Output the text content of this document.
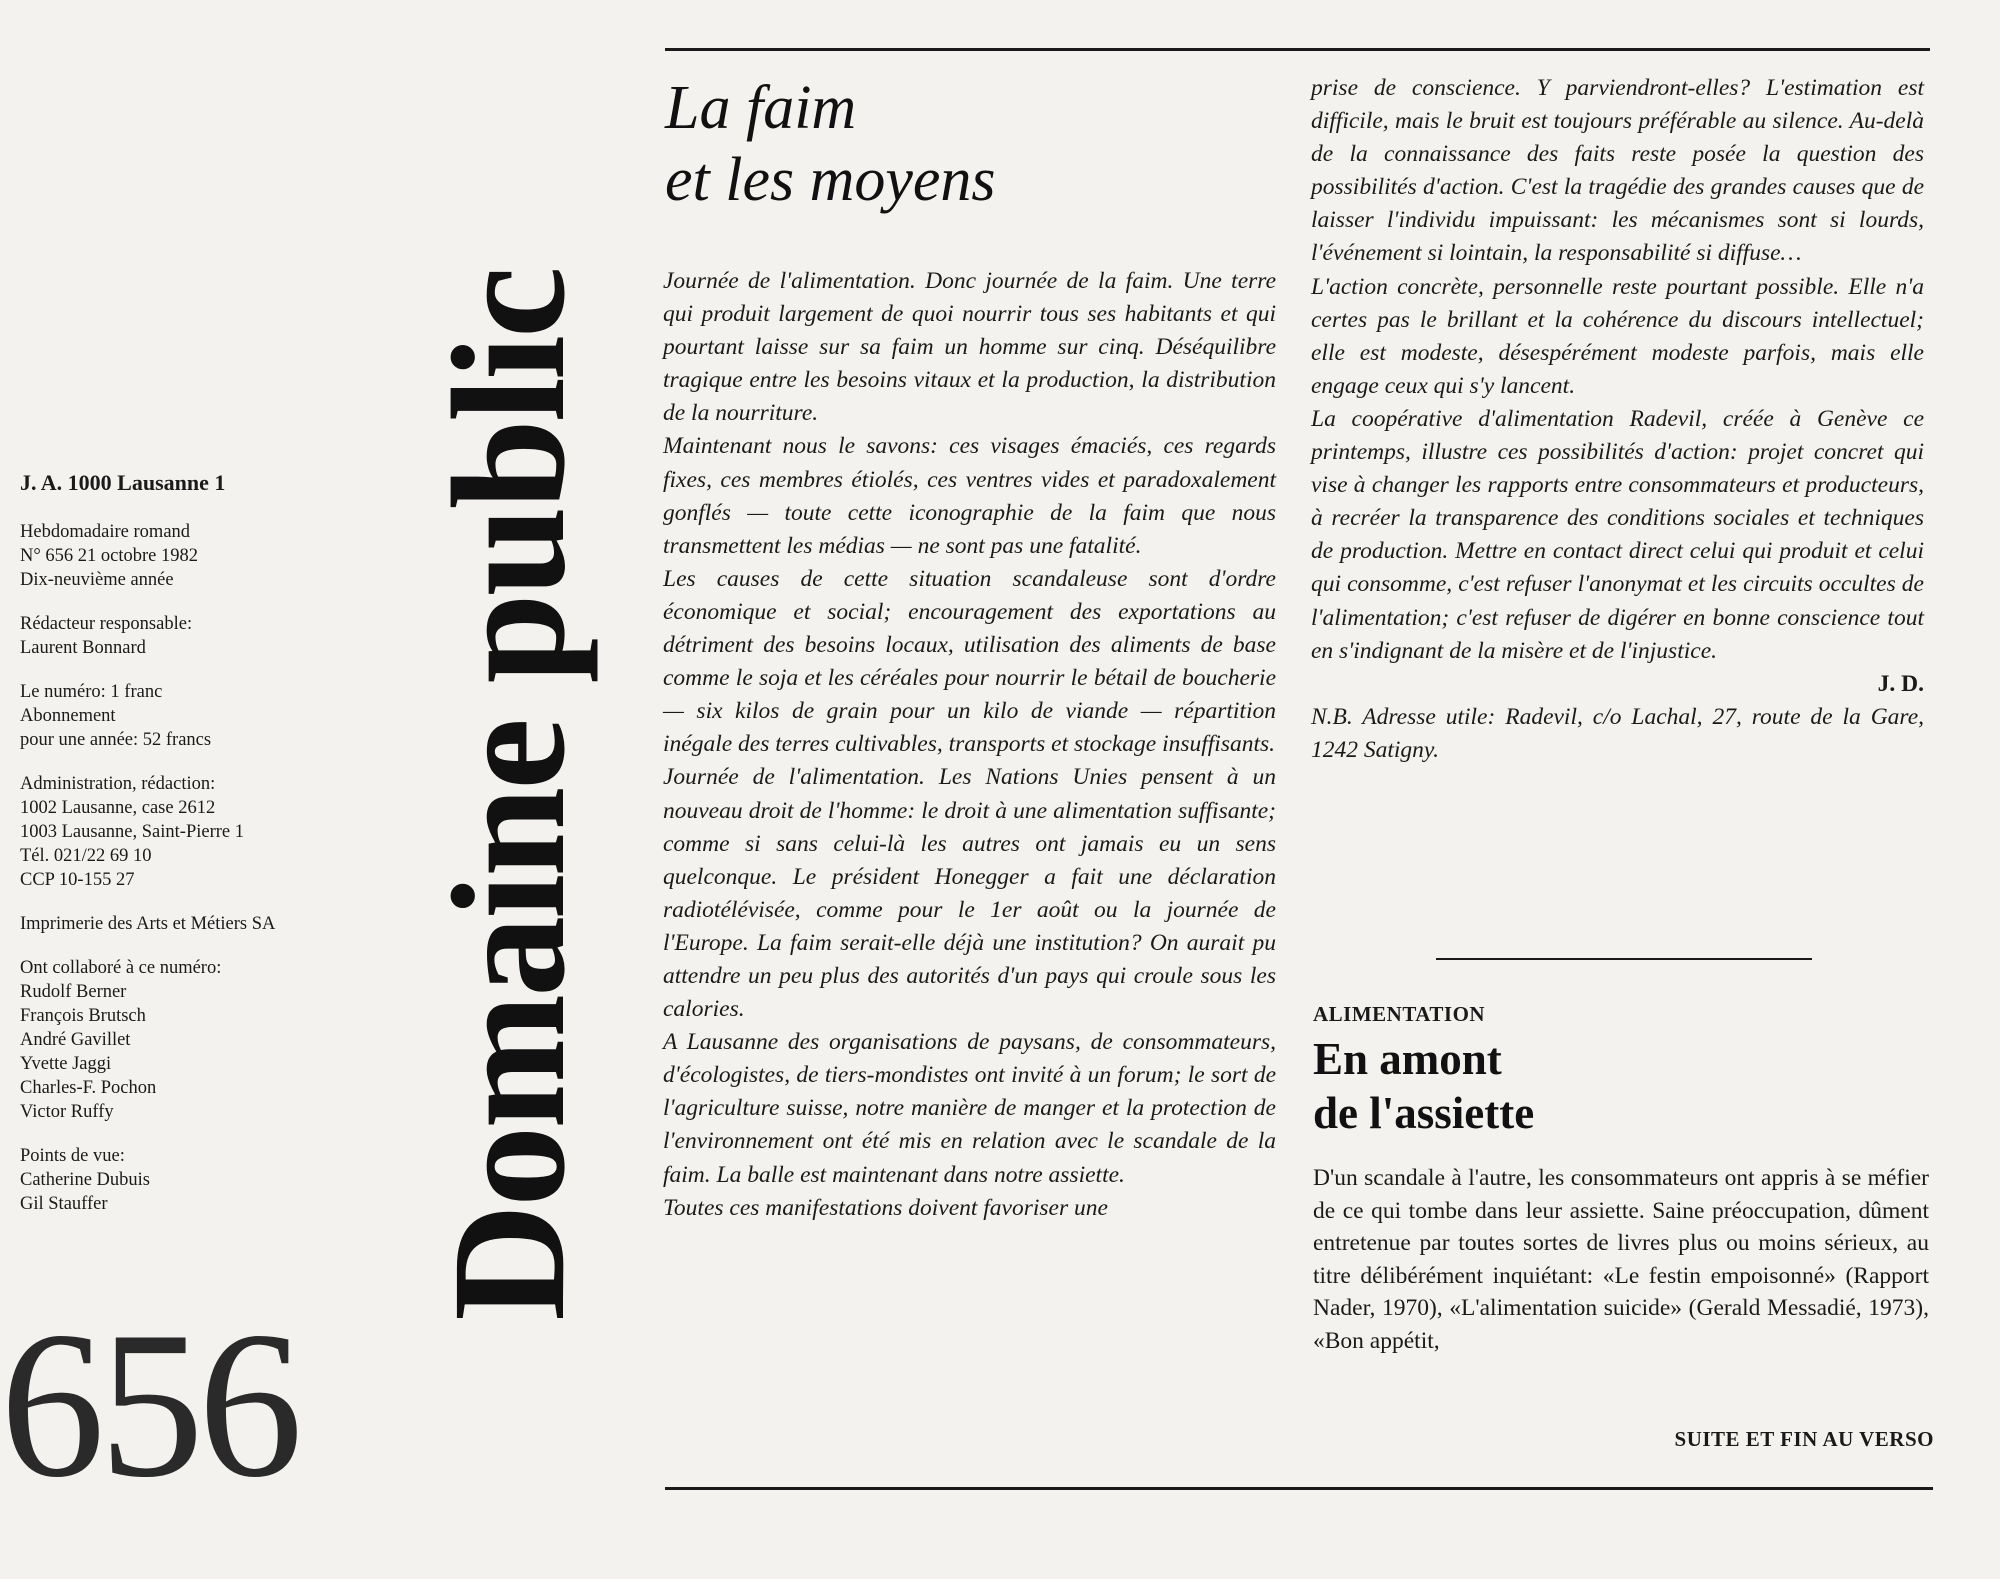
J. A. 1000 Lausanne 1
Hebdomadaire romand
N° 656 21 octobre 1982
Dix-neuvième année
Rédacteur responsable:
Laurent Bonnard
Le numéro: 1 franc
Abonnement
pour une année: 52 francs
Administration, rédaction:
1002 Lausanne, case 2612
1003 Lausanne, Saint-Pierre 1
Tél. 021/22 69 10
CCP 10-155 27
Imprimerie des Arts et Métiers SA
Ont collaboré à ce numéro:
Rudolf Berner
François Brutsch
André Gavillet
Yvette Jaggi
Charles-F. Pochon
Victor Ruffy
Points de vue:
Catherine Dubuis
Gil Stauffer
656
Domaine public
La faim
et les moyens

Journée de l'alimentation. Donc journée de la faim. Une terre qui produit largement de quoi nourrir tous ses habitants et qui pourtant laisse sur sa faim un homme sur cinq. Déséquilibre tragique entre les besoins vitaux et la production, la distribution de la nourriture.

Maintenant nous le savons: ces visages émaciés, ces regards fixes, ces membres étiolés, ces ventres vides et paradoxalement gonflés — toute cette iconographie de la faim que nous transmettent les médias — ne sont pas une fatalité.

Les causes de cette situation scandaleuse sont d'ordre économique et social; encouragement des exportations au détriment des besoins locaux, utilisation des aliments de base comme le soja et les céréales pour nourrir le bétail de boucherie — six kilos de grain pour un kilo de viande — répartition inégale des terres cultivables, transports et stockage insuffisants.

Journée de l'alimentation. Les Nations Unies pensent à un nouveau droit de l'homme: le droit à une alimentation suffisante; comme si sans celui-là les autres ont jamais eu un sens quelconque. Le président Honegger a fait une déclaration radiotélévisée, comme pour le 1er août ou la journée de l'Europe. La faim serait-elle déjà une institution? On aurait pu attendre un peu plus des autorités d'un pays qui croule sous les calories.

A Lausanne des organisations de paysans, de consommateurs, d'écologistes, de tiers-mondistes ont invité à un forum; le sort de l'agriculture suisse, notre manière de manger et la protection de l'environnement ont été mis en relation avec le scandale de la faim. La balle est maintenant dans notre assiette.

Toutes ces manifestations doivent favoriser une

prise de conscience. Y parviendront-elles? L'estimation est difficile, mais le bruit est toujours préférable au silence. Au-delà de la connaissance des faits reste posée la question des possibilités d'action. C'est la tragédie des grandes causes que de laisser l'individu impuissant: les mécanismes sont si lourds, l'événement si lointain, la responsabilité si diffuse…

L'action concrète, personnelle reste pourtant possible. Elle n'a certes pas le brillant et la cohérence du discours intellectuel; elle est modeste, désespérément modeste parfois, mais elle engage ceux qui s'y lancent.

La coopérative d'alimentation Radevil, créée à Genève ce printemps, illustre ces possibilités d'action: projet concret qui vise à changer les rapports entre consommateurs et producteurs, à recréer la transparence des conditions sociales et techniques de production. Mettre en contact direct celui qui produit et celui qui consomme, c'est refuser l'anonymat et les circuits occultes de l'alimentation; c'est refuser de digérer en bonne conscience tout en s'indignant de la misère et de l'injustice.

J. D.

N.B. Adresse utile: Radevil, c/o Lachal, 27, route de la Gare, 1242 Satigny.

ALIMENTATION
En amont
de l'assiette

D'un scandale à l'autre, les consommateurs ont appris à se méfier de ce qui tombe dans leur assiette. Saine préoccupation, dûment entretenue par toutes sortes de livres plus ou moins sérieux, au titre délibérément inquiétant: «Le festin empoisonné» (Rapport Nader, 1970), «L'alimentation suicide» (Gerald Messadié, 1973), «Bon appétit,

SUITE ET FIN AU VERSO
